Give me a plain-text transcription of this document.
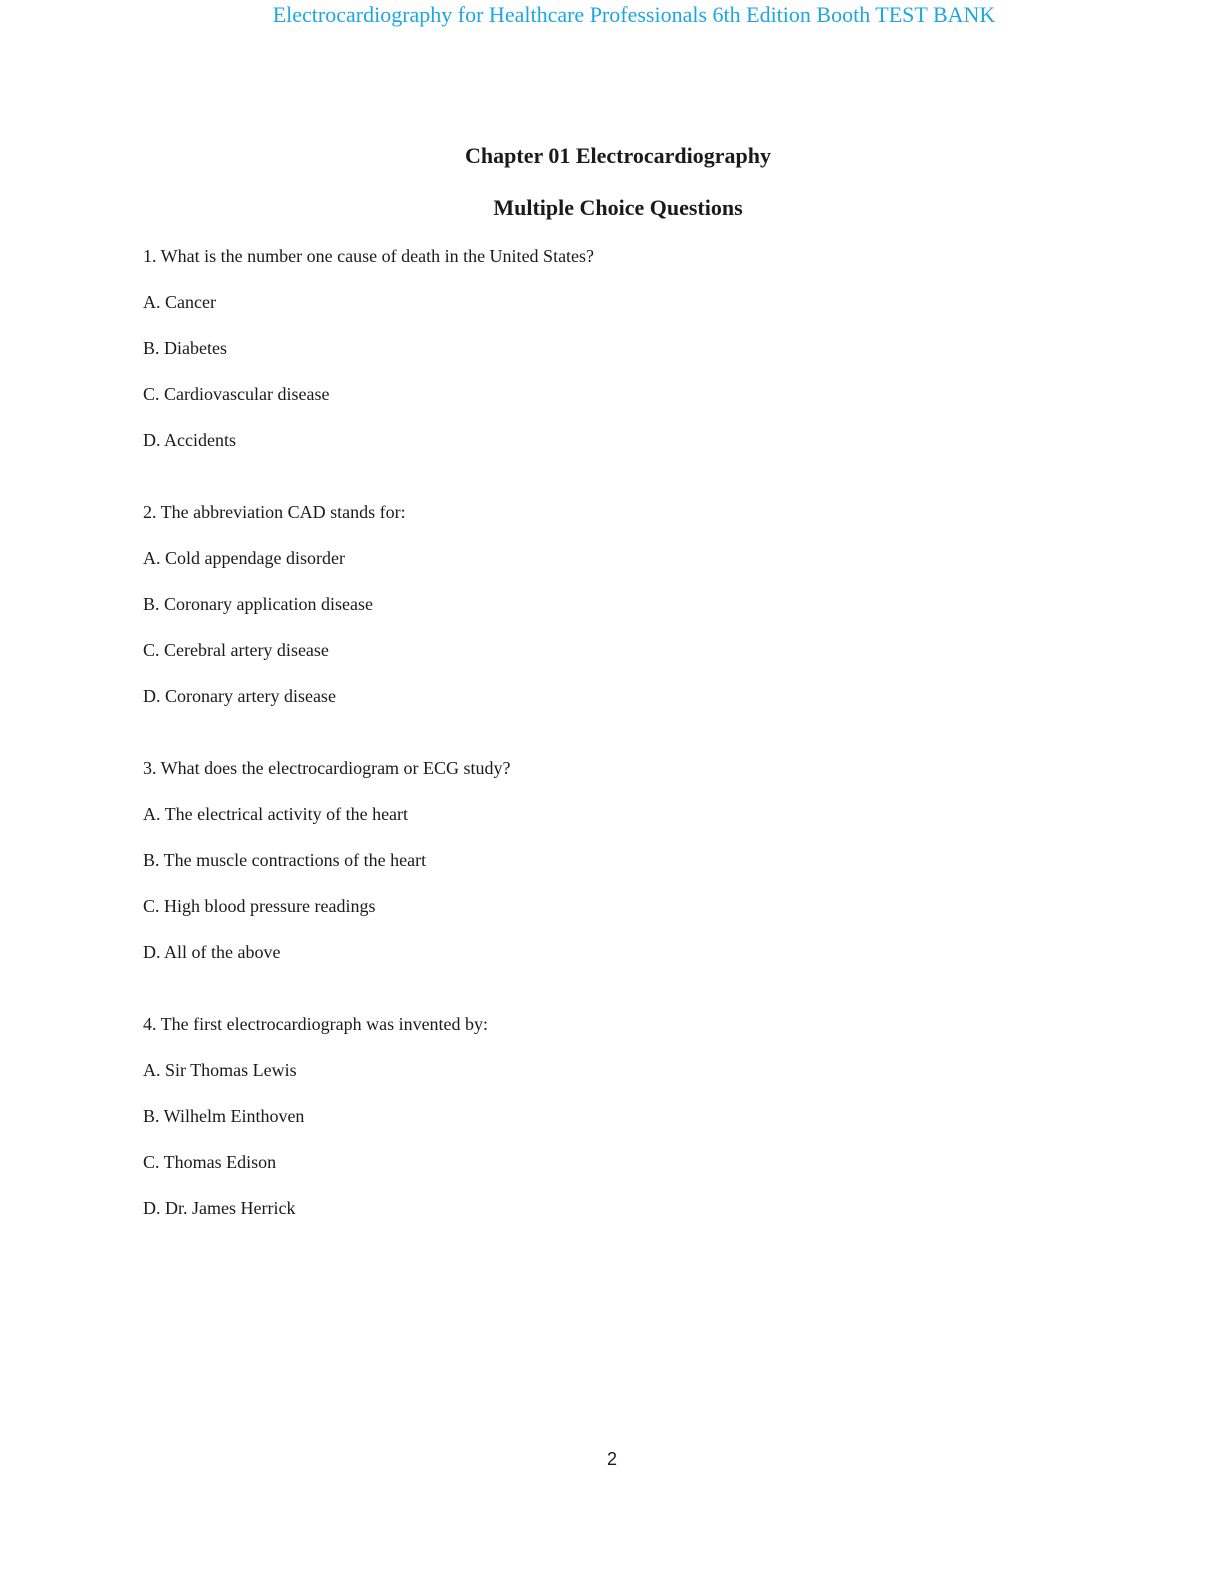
Electrocardiography for Healthcare Professionals 6th Edition Booth TEST BANK
Chapter 01 Electrocardiography
Multiple Choice Questions
1. What is the number one cause of death in the United States?
A. Cancer
B. Diabetes
C. Cardiovascular disease
D. Accidents
2. The abbreviation CAD stands for:
A. Cold appendage disorder
B. Coronary application disease
C. Cerebral artery disease
D. Coronary artery disease
3. What does the electrocardiogram or ECG study?
A. The electrical activity of the heart
B. The muscle contractions of the heart
C. High blood pressure readings
D. All of the above
4. The first electrocardiograph was invented by:
A. Sir Thomas Lewis
B. Wilhelm Einthoven
C. Thomas Edison
D. Dr. James Herrick
2
